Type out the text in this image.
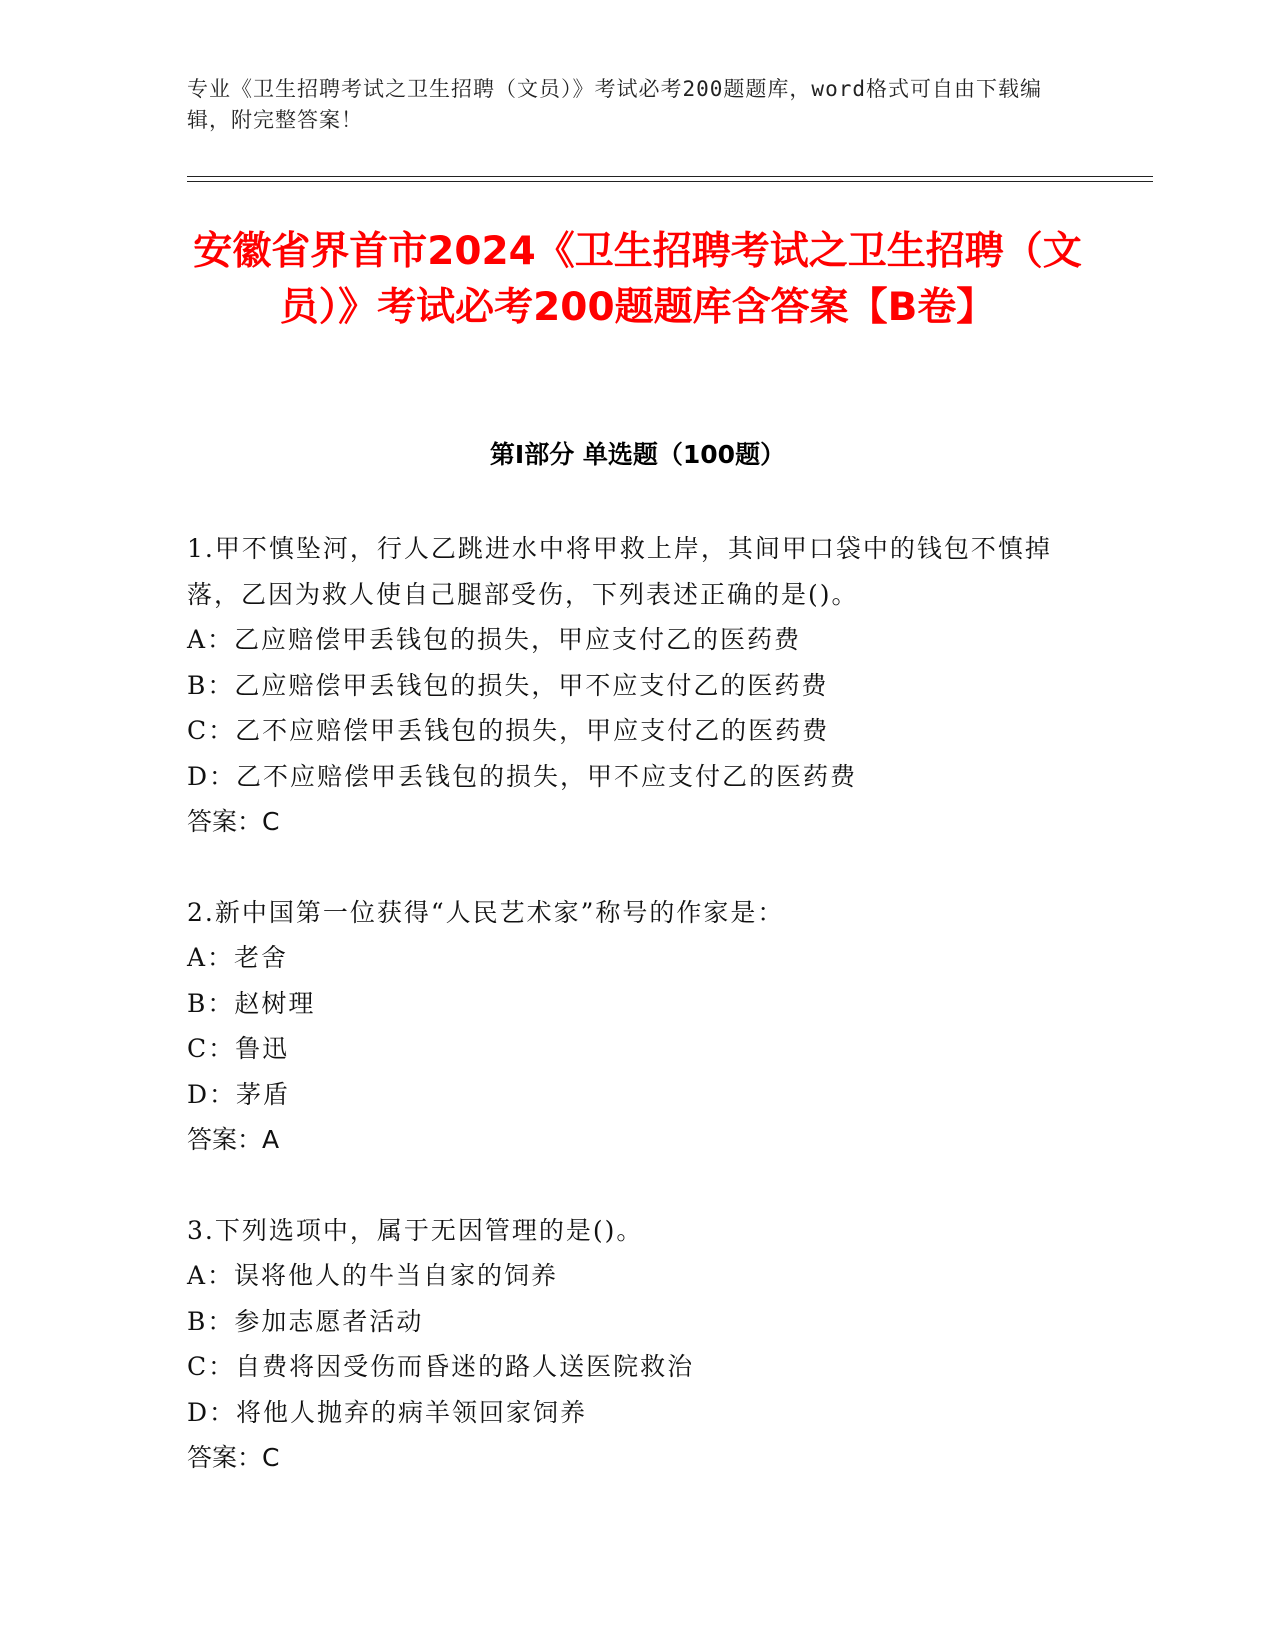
专业《卫生招聘考试之卫生招聘（文员）》考试必考200题题库，word格式可自由下载编辑，附完整答案！
安徽省界首市2024《卫生招聘考试之卫生招聘（文员）》考试必考200题题库含答案【B卷】
第I部分 单选题（100题）

1.甲不慎坠河，行人乙跳进水中将甲救上岸，其间甲口袋中的钱包不慎掉落，乙因为救人使自己腿部受伤，下列表述正确的是()。

A：乙应赔偿甲丢钱包的损失，甲应支付乙的医药费

B：乙应赔偿甲丢钱包的损失，甲不应支付乙的医药费

C：乙不应赔偿甲丢钱包的损失，甲应支付乙的医药费

D：乙不应赔偿甲丢钱包的损失，甲不应支付乙的医药费

答案：C

2.新中国第一位获得“人民艺术家”称号的作家是：

A：老舍

B：赵树理

C：鲁迅

D：茅盾

答案：A

3.下列选项中，属于无因管理的是()。

A：误将他人的牛当自家的饲养

B：参加志愿者活动

C：自费将因受伤而昏迷的路人送医院救治

D：将他人抛弃的病羊领回家饲养

答案：C
